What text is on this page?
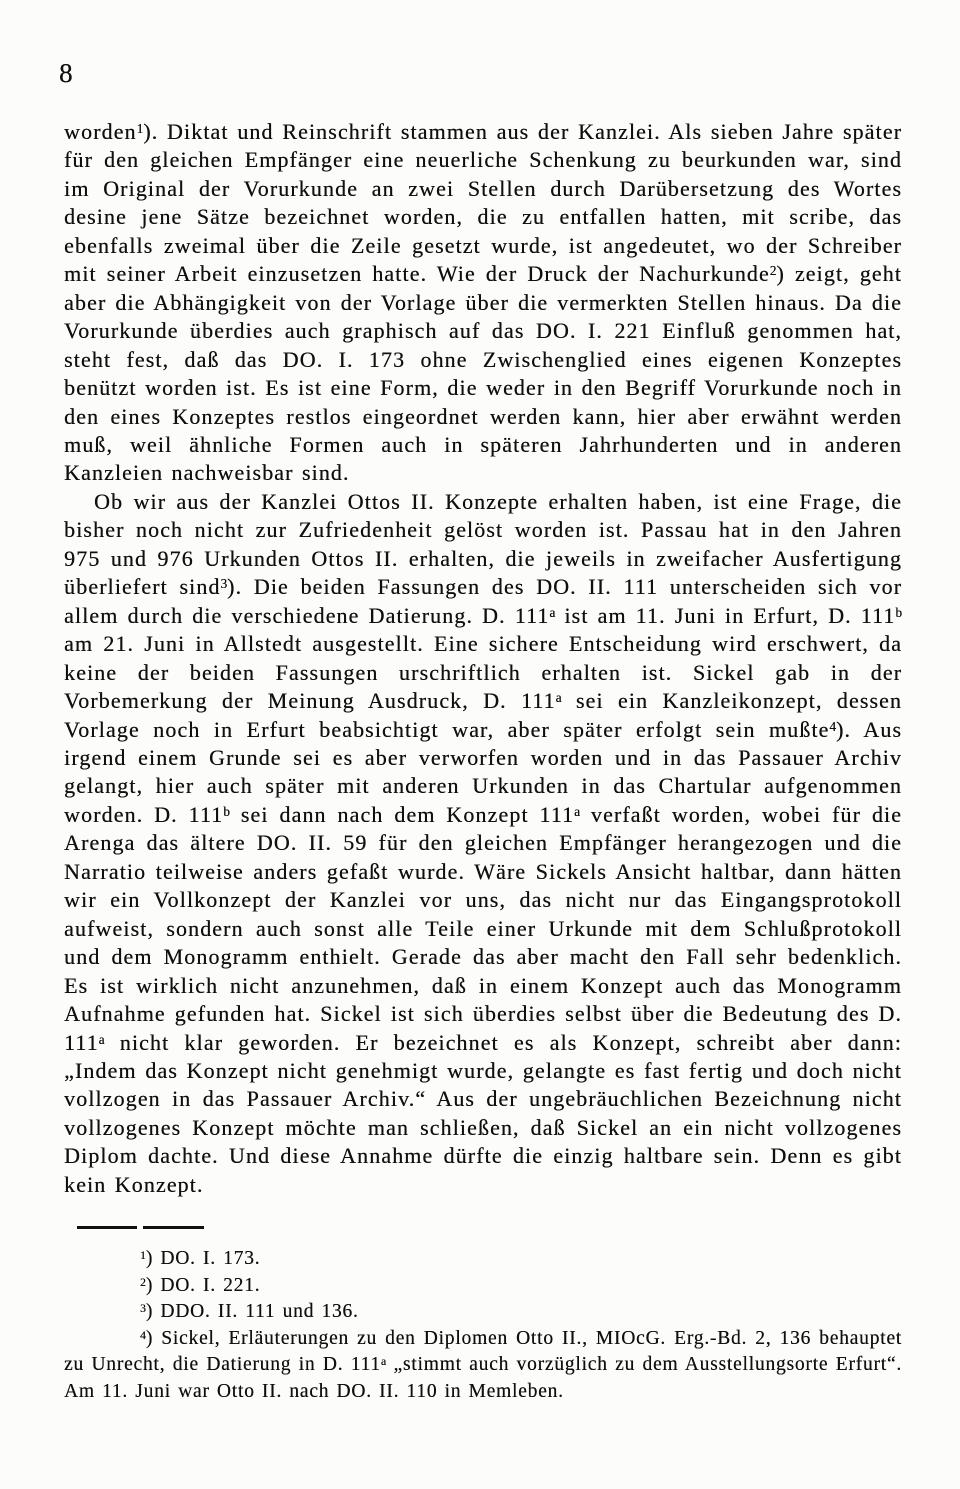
8

worden$^1$). Diktat und Reinschrift stammen aus der Kanzlei. Als sieben Jahre später für den gleichen Empfänger eine neuerliche Schenkung zu beurkunden war, sind im Original der Vorurkunde an zwei Stellen durch Darübersetzung des Wortes desine jene Sätze bezeichnet worden, die zu entfallen hatten, mit scribe, das ebenfalls zweimal über die Zeile gesetzt wurde, ist angedeutet, wo der Schreiber mit seiner Arbeit einzusetzen hatte. Wie der Druck der Nachurkunde$^2$) zeigt, geht aber die Abhängigkeit von der Vorlage über die vermerkten Stellen hinaus. Da die Vorurkunde überdies auch graphisch auf das DO. I. 221 Einfluß genommen hat, steht fest, daß das DO. I. 173 ohne Zwischenglied eines eigenen Konzeptes benützt worden ist. Es ist eine Form, die weder in den Begriff Vorurkunde noch in den eines Konzeptes restlos eingeordnet werden kann, hier aber erwähnt werden muß, weil ähnliche Formen auch in späteren Jahrhunderten und in anderen Kanzleien nachweisbar sind.

Ob wir aus der Kanzlei Ottos II. Konzepte erhalten haben, ist eine Frage, die bisher noch nicht zur Zufriedenheit gelöst worden ist. Passau hat in den Jahren 975 und 976 Urkunden Ottos II. erhalten, die jeweils in zweifacher Ausfertigung überliefert sind$^3$). Die beiden Fassungen des DO. II. 111 unterscheiden sich vor allem durch die verschiedene Datierung. D. 111$^a$ ist am 11. Juni in Erfurt, D. 111$^b$ am 21. Juni in Allstedt ausgestellt. Eine sichere Entscheidung wird erschwert, da keine der beiden Fassungen urschriftlich erhalten ist. Sickel gab in der Vorbemerkung der Meinung Ausdruck, D. 111$^a$ sei ein Kanzleikonzept, dessen Vorlage noch in Erfurt beabsichtigt war, aber später erfolgt sein mußte$^4$). Aus irgend einem Grunde sei es aber verworfen worden und in das Passauer Archiv gelangt, hier auch später mit anderen Urkunden in das Chartular aufgenommen worden. D. 111$^b$ sei dann nach dem Konzept 111$^a$ verfaßt worden, wobei für die Arenga das ältere DO. II. 59 für den gleichen Empfänger herangezogen und die Narratio teilweise anders gefaßt wurde. Wäre Sickels Ansicht haltbar, dann hätten wir ein Vollkonzept der Kanzlei vor uns, das nicht nur das Eingangsprotokoll aufweist, sondern auch sonst alle Teile einer Urkunde mit dem Schlußprotokoll und dem Monogramm enthielt. Gerade das aber macht den Fall sehr bedenklich. Es ist wirklich nicht anzunehmen, daß in einem Konzept auch das Monogramm Aufnahme gefunden hat. Sickel ist sich überdies selbst über die Bedeutung des D. 111$^a$ nicht klar geworden. Er bezeichnet es als Konzept, schreibt aber dann: „Indem das Konzept nicht genehmigt wurde, gelangte es fast fertig und doch nicht vollzogen in das Passauer Archiv.“ Aus der ungebräuchlichen Bezeichnung nicht vollzogenes Konzept möchte man schließen, daß Sickel an ein nicht vollzogenes Diplom dachte. Und diese Annahme dürfte die einzig haltbare sein. Denn es gibt kein Konzept.

$^1$) DO. I. 173.

$^2$) DO. I. 221.

$^3$) DDO. II. 111 und 136.

$^4$) Sickel, Erläuterungen zu den Diplomen Otto II., MIOcG. Erg.-Bd. 2, 136 behauptet zu Unrecht, die Datierung in D. 111$^a$ „stimmt auch vorzüglich zu dem Ausstellungsorte Erfurt“. Am 11. Juni war Otto II. nach DO. II. 110 in Memleben.
